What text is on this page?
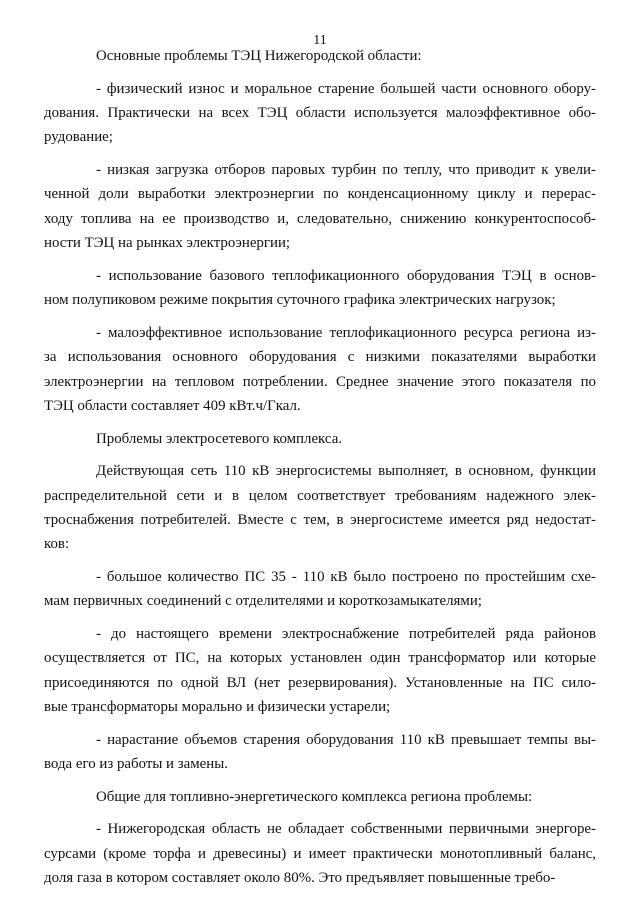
11
Основные проблемы ТЭЦ Нижегородской области:
- физический износ и моральное старение большей части основного обору-
дования. Практически на всех ТЭЦ области используется малоэффективное обо-
рудование;
- низкая загрузка отборов паровых турбин по теплу, что приводит к увели-
ченной доли выработки электроэнергии по конденсационному циклу и перерас-
ходу топлива на ее производство и, следовательно, снижению конкурентоспособ-
ности ТЭЦ на рынках электроэнергии;
- использование базового теплофикационного оборудования ТЭЦ в основ-
ном полупиковом режиме покрытия суточного графика электрических нагрузок;
- малоэффективное использование теплофикационного ресурса региона из-
за использования основного оборудования с низкими показателями выработки
электроэнергии на тепловом потреблении. Среднее значение этого показателя по
ТЭЦ области составляет 409 кВт.ч/Гкал.
Проблемы электросетевого комплекса.
Действующая сеть 110 кВ энергосистемы выполняет, в основном, функции
распределительной сети и в целом соответствует требованиям надежного элек-
троснабжения потребителей. Вместе с тем, в энергосистеме имеется ряд недостат-
ков:
- большое количество ПС 35 - 110 кВ было построено по простейшим схе-
мам первичных соединений с отделителями и короткозамыкателями;
- до настоящего времени электроснабжение потребителей ряда районов
осуществляется от ПС, на которых установлен один трансформатор или которые
присоединяются по одной ВЛ (нет резервирования). Установленные на ПС сило-
вые трансформаторы морально и физически устарели;
- нарастание объемов старения оборудования 110 кВ превышает темпы вы-
вода его из работы и замены.
Общие для топливно-энергетического комплекса региона проблемы:
- Нижегородская область не обладает собственными первичными энергоре-
сурсами (кроме торфа и древесины) и имеет практически монотопливный баланс,
доля газа в котором составляет около 80%. Это предъявляет повышенные требо-
